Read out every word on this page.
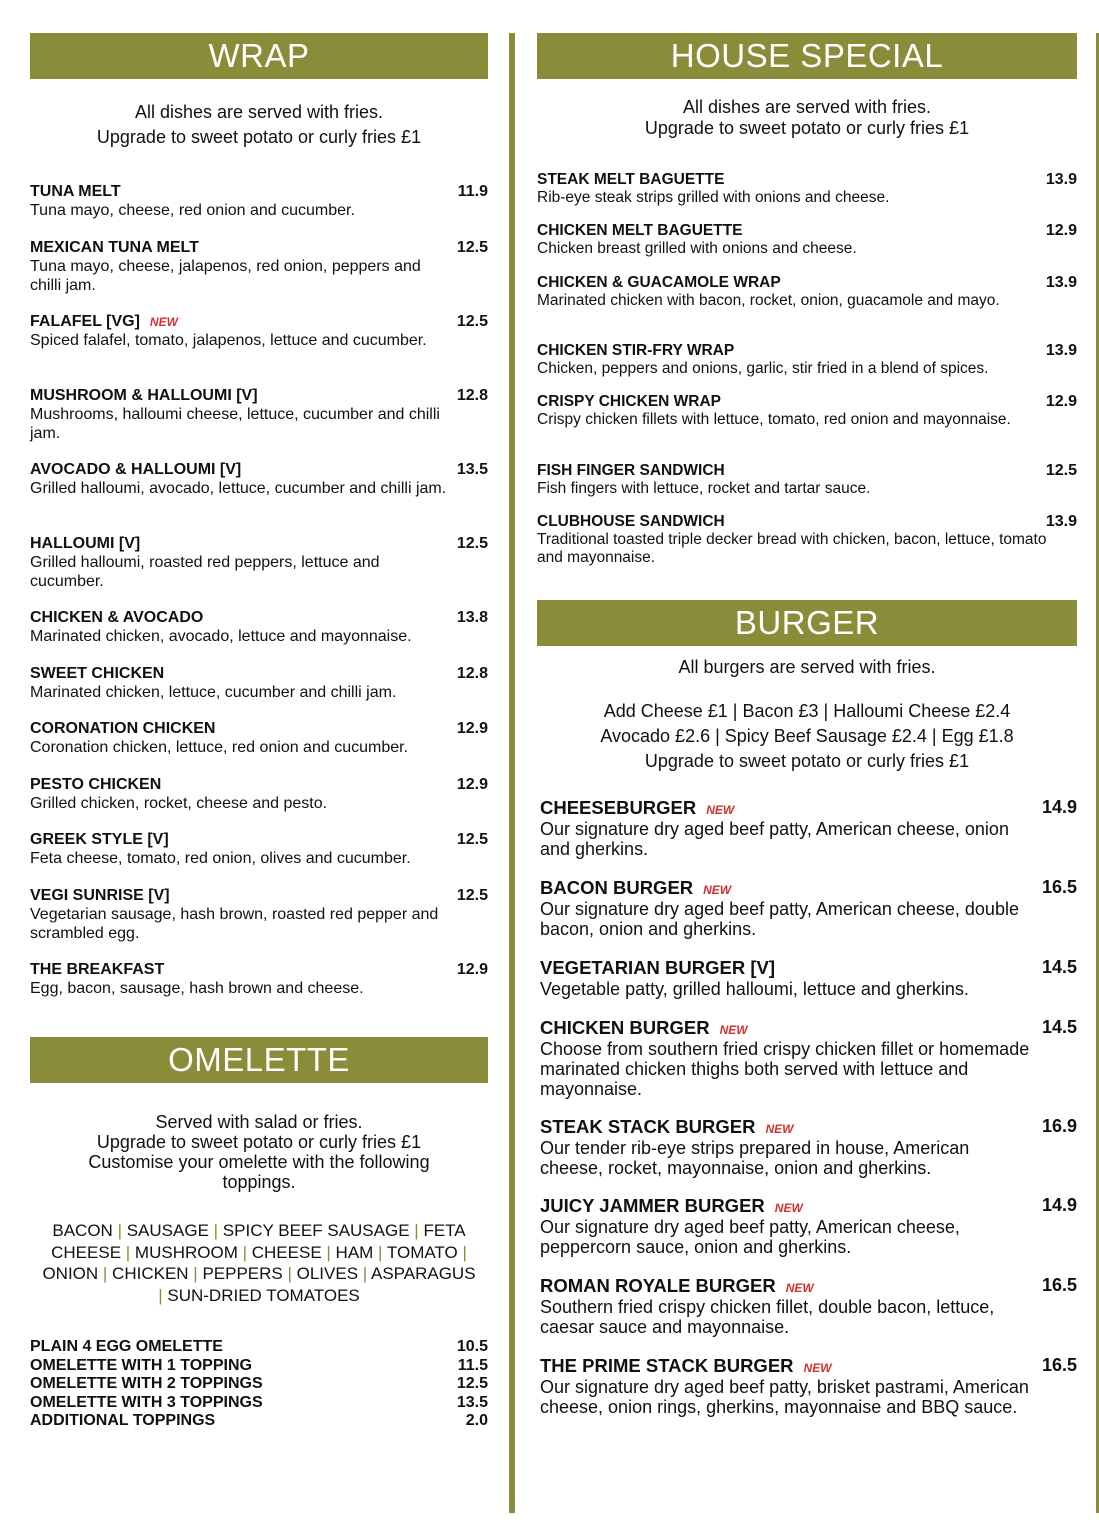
WRAP
All dishes are served with fries.
Upgrade to sweet potato or curly fries £1
TUNA MELT	11.9
Tuna mayo, cheese, red onion and cucumber.
MEXICAN TUNA MELT	12.5
Tuna mayo, cheese, jalapenos, red onion, peppers and chilli jam.
FALAFEL [VG] NEW	12.5
Spiced falafel, tomato, jalapenos, lettuce and cucumber.
MUSHROOM & HALLOUMI [V]	12.8
Mushrooms, halloumi cheese, lettuce, cucumber and chilli jam.
AVOCADO & HALLOUMI [V]	13.5
Grilled halloumi, avocado, lettuce, cucumber and chilli jam.
HALLOUMI [V]	12.5
Grilled halloumi, roasted red peppers, lettuce and cucumber.
CHICKEN & AVOCADO	13.8
Marinated chicken, avocado, lettuce and mayonnaise.
SWEET CHICKEN	12.8
Marinated chicken, lettuce, cucumber and chilli jam.
CORONATION CHICKEN	12.9
Coronation chicken, lettuce, red onion and cucumber.
PESTO CHICKEN	12.9
Grilled chicken, rocket, cheese and pesto.
GREEK STYLE [V]	12.5
Feta cheese, tomato, red onion, olives and cucumber.
VEGI SUNRISE [V]	12.5
Vegetarian sausage, hash brown, roasted red pepper and scrambled egg.
THE BREAKFAST	12.9
Egg, bacon, sausage, hash brown and cheese.
OMELETTE
Served with salad or fries.
Upgrade to sweet potato or curly fries £1
Customise your omelette with the following toppings.
BACON | SAUSAGE | SPICY BEEF SAUSAGE | FETA CHEESE | MUSHROOM | CHEESE | HAM | TOMATO | ONION | CHICKEN | PEPPERS | OLIVES | ASPARAGUS | SUN-DRIED TOMATOES
PLAIN 4 EGG OMELETTE	10.5
OMELETTE WITH 1 TOPPING	11.5
OMELETTE WITH 2 TOPPINGS	12.5
OMELETTE WITH 3 TOPPINGS	13.5
ADDITIONAL TOPPINGS	2.0
HOUSE SPECIAL
All dishes are served with fries.
Upgrade to sweet potato or curly fries £1
STEAK MELT BAGUETTE	13.9
Rib-eye steak strips grilled with onions and cheese.
CHICKEN MELT BAGUETTE	12.9
Chicken breast grilled with onions and cheese.
CHICKEN & GUACAMOLE WRAP	13.9
Marinated chicken with bacon, rocket, onion, guacamole and mayo.
CHICKEN STIR-FRY WRAP	13.9
Chicken, peppers and onions, garlic, stir fried in a blend of spices.
CRISPY CHICKEN WRAP	12.9
Crispy chicken fillets with lettuce, tomato, red onion and mayonnaise.
FISH FINGER SANDWICH	12.5
Fish fingers with lettuce, rocket and tartar sauce.
CLUBHOUSE SANDWICH	13.9
Traditional toasted triple decker bread with chicken, bacon, lettuce, tomato and mayonnaise.
BURGER
All burgers are served with fries.
Add Cheese £1 | Bacon £3 | Halloumi Cheese £2.4
Avocado £2.6 | Spicy Beef Sausage £2.4 | Egg £1.8
Upgrade to sweet potato or curly fries £1
CHEESEBURGER NEW	14.9
Our signature dry aged beef patty, American cheese, onion and gherkins.
BACON BURGER NEW	16.5
Our signature dry aged beef patty, American cheese, double bacon, onion and gherkins.
VEGETARIAN BURGER [V]	14.5
Vegetable patty, grilled halloumi, lettuce and gherkins.
CHICKEN BURGER NEW	14.5
Choose from southern fried crispy chicken fillet or homemade marinated chicken thighs both served with lettuce and mayonnaise.
STEAK STACK BURGER NEW	16.9
Our tender rib-eye strips prepared in house, American cheese, rocket, mayonnaise, onion and gherkins.
JUICY JAMMER BURGER NEW	14.9
Our signature dry aged beef patty, American cheese, peppercorn sauce, onion and gherkins.
ROMAN ROYALE BURGER NEW	16.5
Southern fried crispy chicken fillet, double bacon, lettuce, caesar sauce and mayonnaise.
THE PRIME STACK BURGER NEW	16.5
Our signature dry aged beef patty, brisket pastrami, American cheese, onion rings, gherkins, mayonnaise and BBQ sauce.
